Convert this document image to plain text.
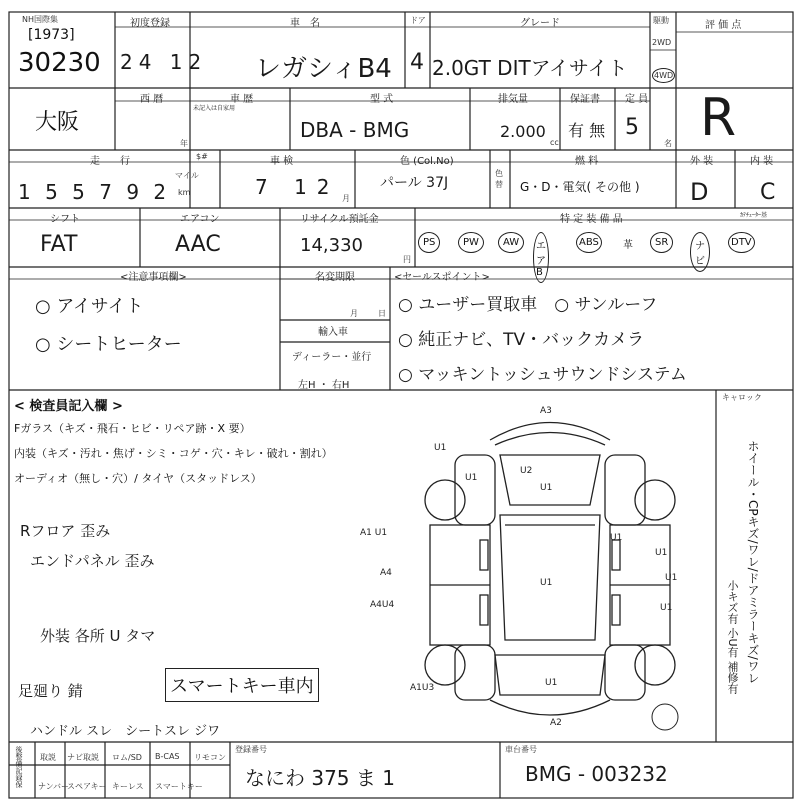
NH国際集
[1973]
30230
初度登録
24 12
車　名
レガシィB4
ドア
4
グレード
2.0GT DITアイサイト
駆動
2WD
4WD
評 価 点
R
大阪
西 暦
年
車 歴
未記入は自家用
型 式
DBA - BMG
排気量
2.000
cc
保証書
有 無
定 員
5
名
走　　行
1 5 5 7 9 2
マイル
km
$#	車 検
7 12 月
色 (Col.No)
パール 37J
色替
燃 料
G・D・電気( その他 )
外 装
D
内 装
C
シフト
FAT
エアコン
AAC
リサイクル預託金
14,330
円
特 定 装 備 品	ｶﾃﾁｪｰﾀｰ基
PS	PW	AW	エアB
ABS	革	SR	ナビ
DTV
<注意事項欄>
○ アイサイト
○ シートヒーター
名変期限
月	日
輸入車
ディーラー・並行
左H ・ 右H
<セールスポイント>
○ ユーザー買取車　○ サンルーフ
○ 純正ナビ、TV・バックカメラ
○ マッキントッシュサウンドシステム
< 検査員記入欄 >
Fガラス（キズ・飛石・ヒビ・リペア跡・X 要）
内装（キズ・汚れ・焦げ・シミ・コゲ・穴・キレ・破れ・割れ）
オーディオ（無し・穴）/ タイヤ（スタッドレス）
Rフロア 歪み
エンドパネル 歪み
外装 各所 U タマ
足廻り 錆
ハンドル スレ　シートスレ ジワ
スマートキー車内
キャロック
ホイール・CPキズ/ワレ/ドアミラーキズ/ワレ
小キズ有 小U有 補修有
A3
U1
U1
U1
U2
U1
A1 U1
A4
A4U4
U1
U1
U1
U1
U1
A2
A1U3
後整備記録保 取説 ナビ取説 ロム/SD B-CAS リモコン
ナンバー
スペアキー キーレス スマートキー
登録番号
なにわ 375 ま 1
車台番号
BMG - 003232
